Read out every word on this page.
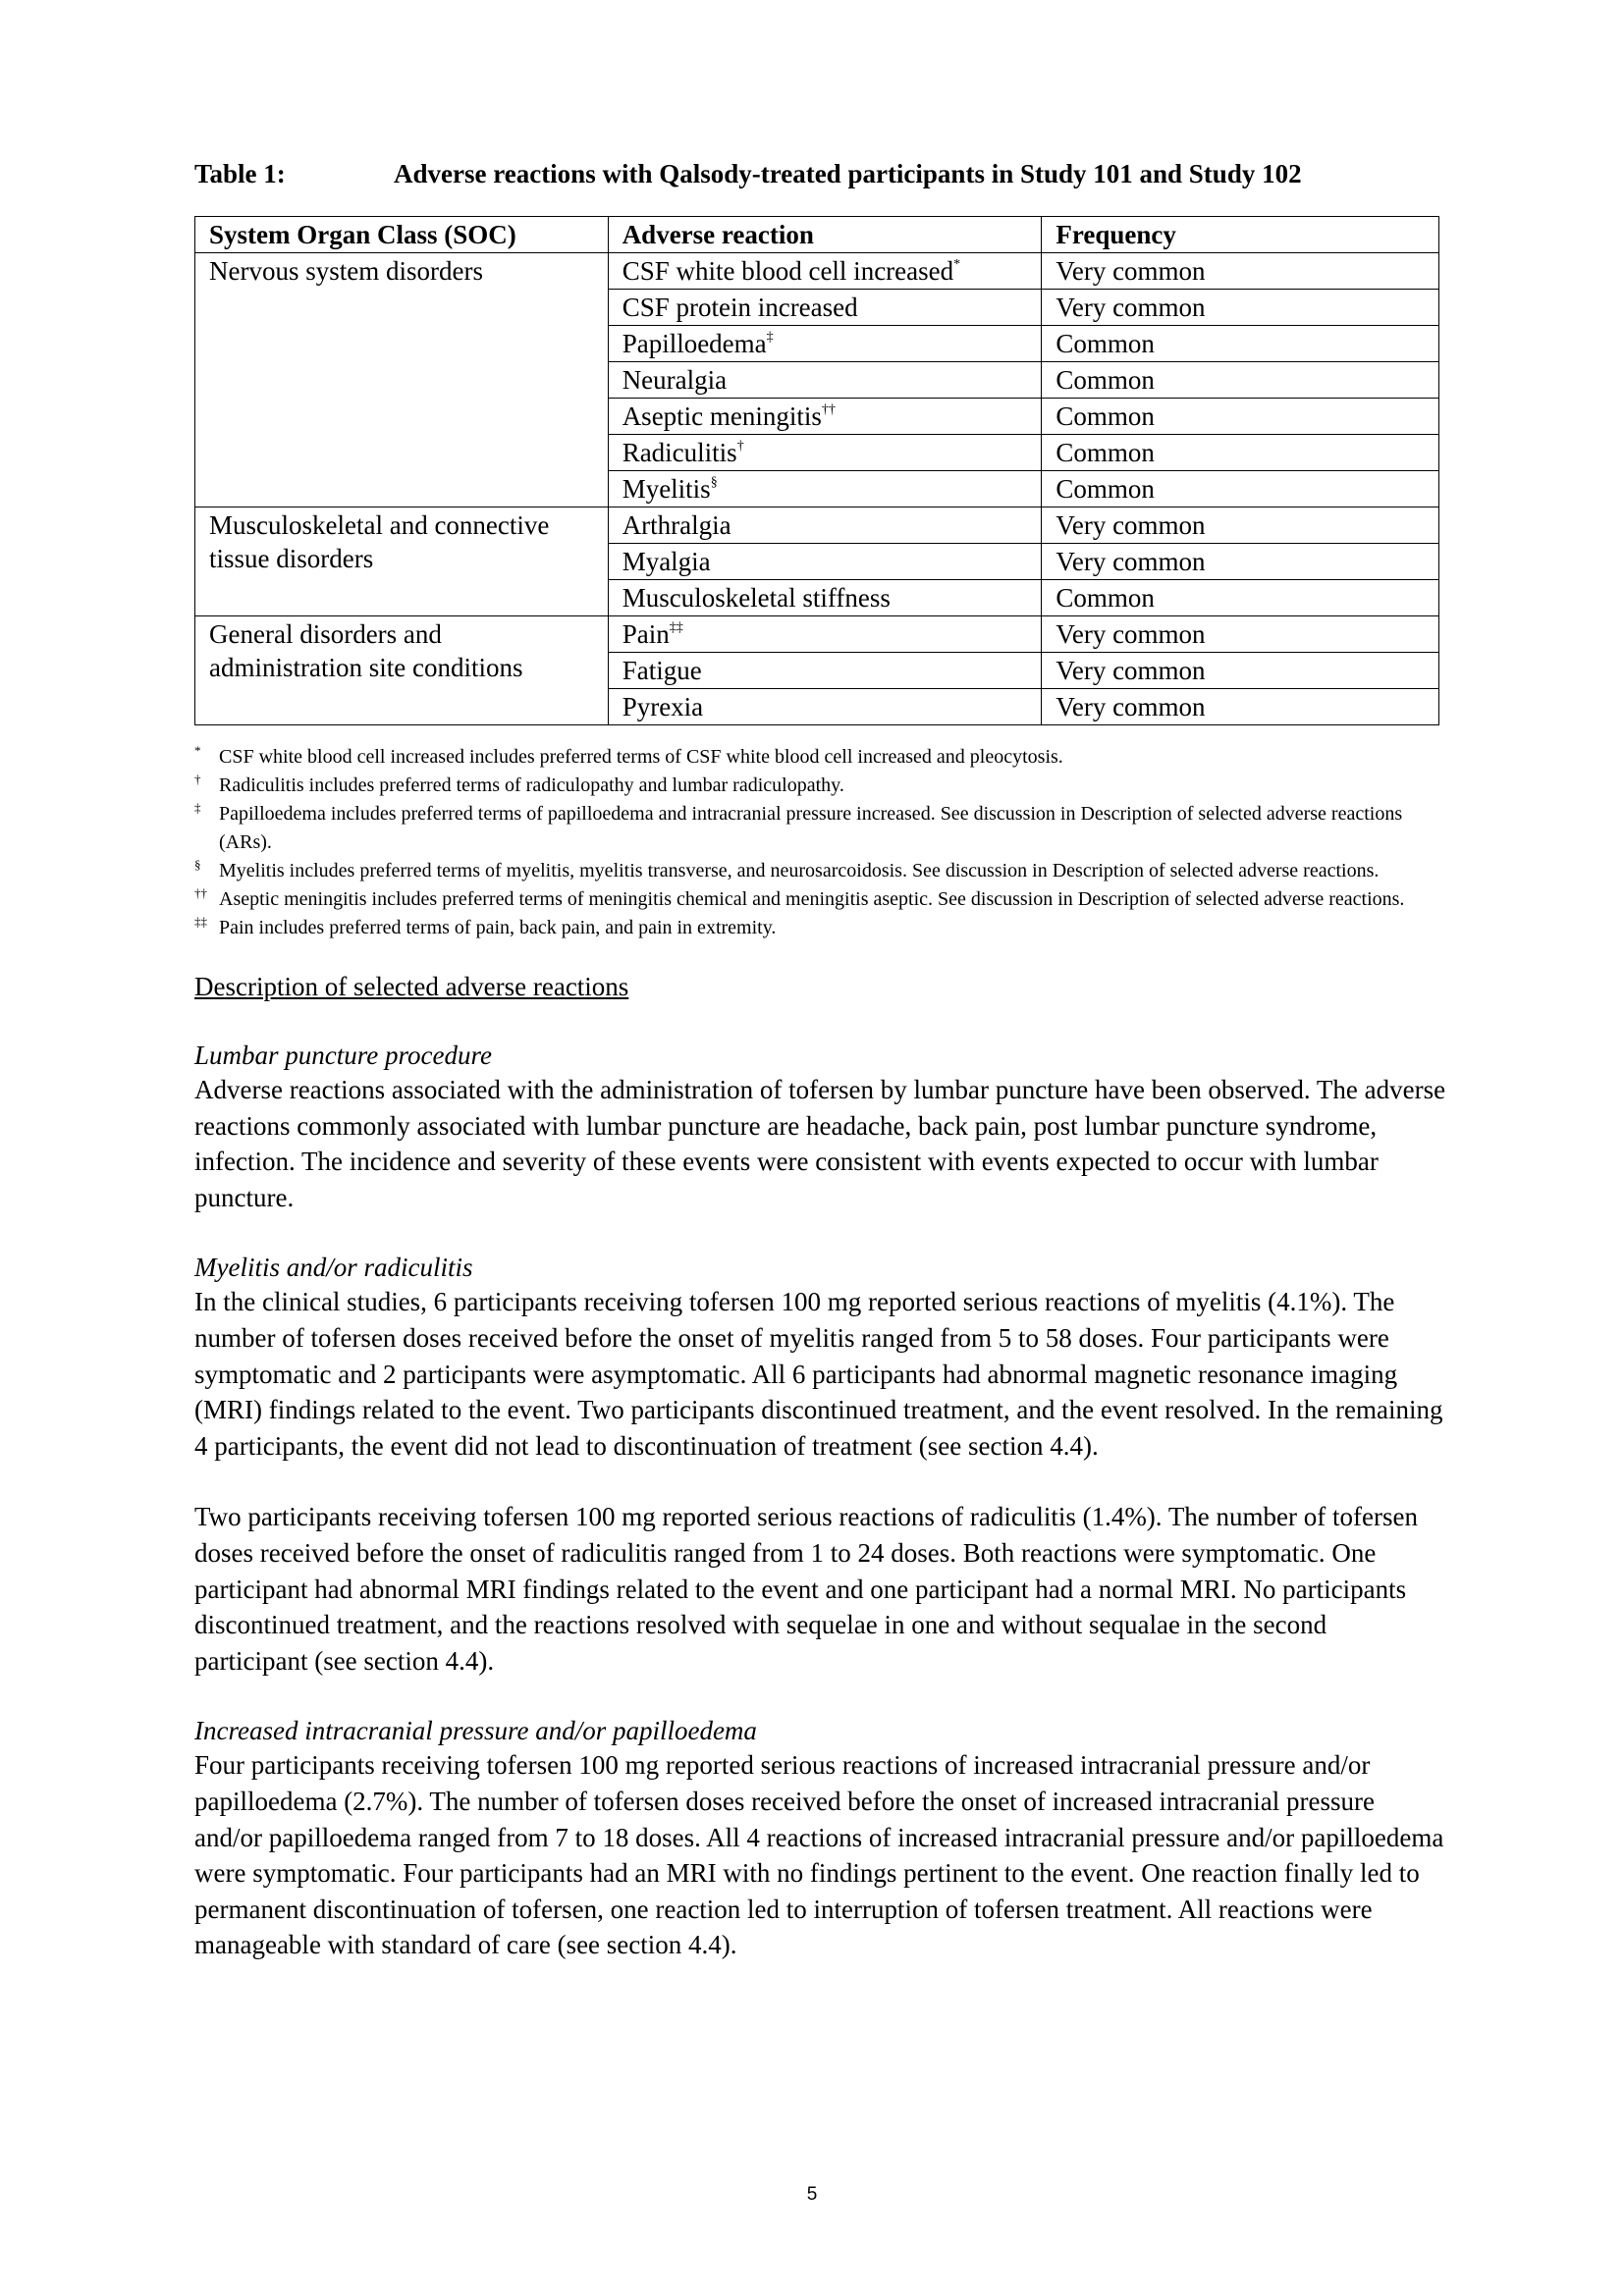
Table 1:	Adverse reactions with Qalsody-treated participants in Study 101 and Study 102
System Organ Class (SOC)	Adverse reaction	Frequency
Nervous system disorders	CSF white blood cell increased*	Very common
	CSF protein increased	Very common
	Papilloedema‡	Common
	Neuralgia	Common
	Aseptic meningitis††	Common
	Radiculitis†	Common
	Myelitis§	Common
Musculoskeletal and connective tissue disorders	Arthralgia	Very common
	Myalgia	Very common
	Musculoskeletal stiffness	Common
General disorders and administration site conditions	Pain‡‡	Very common
	Fatigue	Very common
	Pyrexia	Very common
* CSF white blood cell increased includes preferred terms of CSF white blood cell increased and pleocytosis.
† Radiculitis includes preferred terms of radiculopathy and lumbar radiculopathy.
‡ Papilloedema includes preferred terms of papilloedema and intracranial pressure increased. See discussion in Description of selected adverse reactions (ARs).
§ Myelitis includes preferred terms of myelitis, myelitis transverse, and neurosarcoidosis. See discussion in Description of selected adverse reactions.
†† Aseptic meningitis includes preferred terms of meningitis chemical and meningitis aseptic. See discussion in Description of selected adverse reactions.
‡‡ Pain includes preferred terms of pain, back pain, and pain in extremity.
Description of selected adverse reactions
Lumbar puncture procedure

Adverse reactions associated with the administration of tofersen by lumbar puncture have been observed. The adverse reactions commonly associated with lumbar puncture are headache, back pain, post lumbar puncture syndrome, infection. The incidence and severity of these events were consistent with events expected to occur with lumbar puncture.

Myelitis and/or radiculitis

In the clinical studies, 6 participants receiving tofersen 100 mg reported serious reactions of myelitis (4.1%). The number of tofersen doses received before the onset of myelitis ranged from 5 to 58 doses. Four participants were symptomatic and 2 participants were asymptomatic. All 6 participants had abnormal magnetic resonance imaging (MRI) findings related to the event. Two participants discontinued treatment, and the event resolved. In the remaining 4 participants, the event did not lead to discontinuation of treatment (see section 4.4).

Two participants receiving tofersen 100 mg reported serious reactions of radiculitis (1.4%). The number of tofersen doses received before the onset of radiculitis ranged from 1 to 24 doses. Both reactions were symptomatic. One participant had abnormal MRI findings related to the event and one participant had a normal MRI. No participants discontinued treatment, and the reactions resolved with sequelae in one and without sequalae in the second participant (see section 4.4).

Increased intracranial pressure and/or papilloedema

Four participants receiving tofersen 100 mg reported serious reactions of increased intracranial pressure and/or papilloedema (2.7%). The number of tofersen doses received before the onset of increased intracranial pressure and/or papilloedema ranged from 7 to 18 doses. All 4 reactions of increased intracranial pressure and/or papilloedema were symptomatic. Four participants had an MRI with no findings pertinent to the event. One reaction finally led to permanent discontinuation of tofersen, one reaction led to interruption of tofersen treatment. All reactions were manageable with standard of care (see section 4.4).

5
